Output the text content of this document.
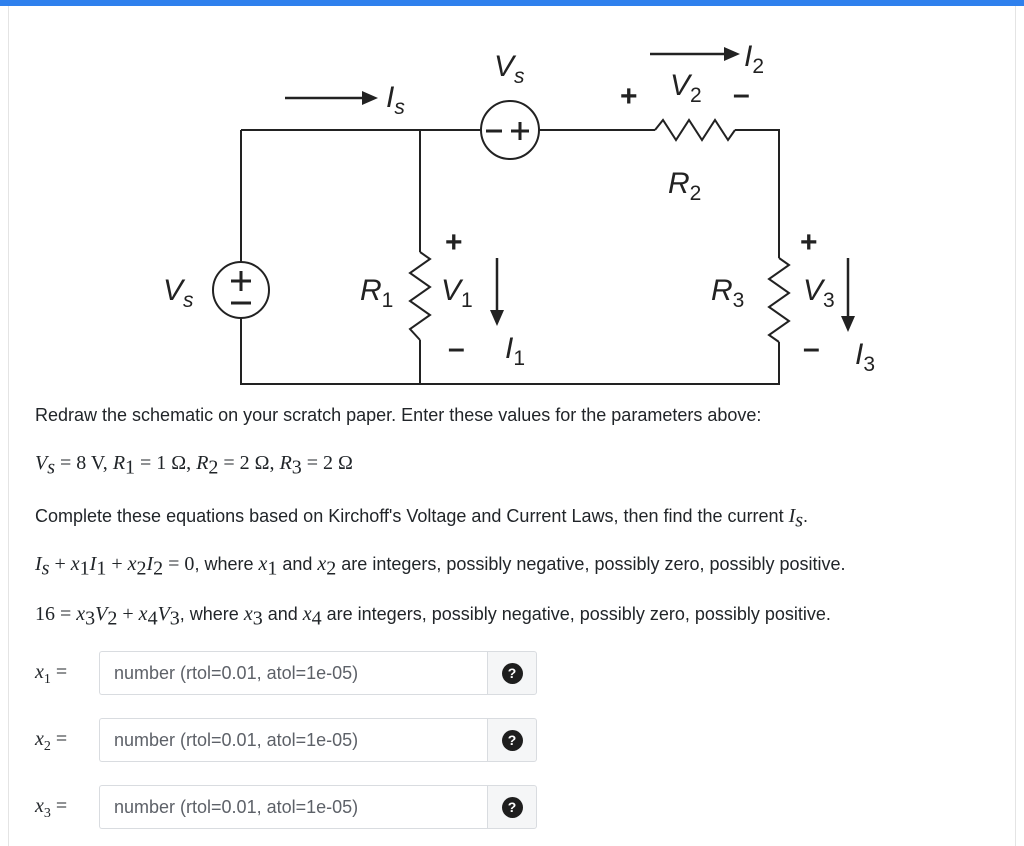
$I_s$
$V_s$
$V_s$
$I_2$
$V_2$
+	–
$R_2$
$R_1$
+
$V_1$
– $I_1$
$R_3$
+
$V_3$
– $I_3$
Redraw the schematic on your scratch paper. Enter these values for the parameters above:
$V_s = 8$ V, $R_1 = 1$ Ω, $R_2 = 2$ Ω, $R_3 = 2$ Ω
Complete these equations based on Kirchoff's Voltage and Current Laws, then find the current $I_s$.
$I_s + x_1I_1 + x_2I_2 = 0$, where $x_1$ and $x_2$ are integers, possibly negative, possibly zero, possibly positive.
$16 = x_3V_2 + x_4V_3$, where $x_3$ and $x_4$ are integers, possibly negative, possibly zero, possibly positive.
$x_1$ =
number (rtol=0.01, atol=1e-05)	?
$x_2$ =
number (rtol=0.01, atol=1e-05)	?
$x_3$ =
number (rtol=0.01, atol=1e-05)	?
